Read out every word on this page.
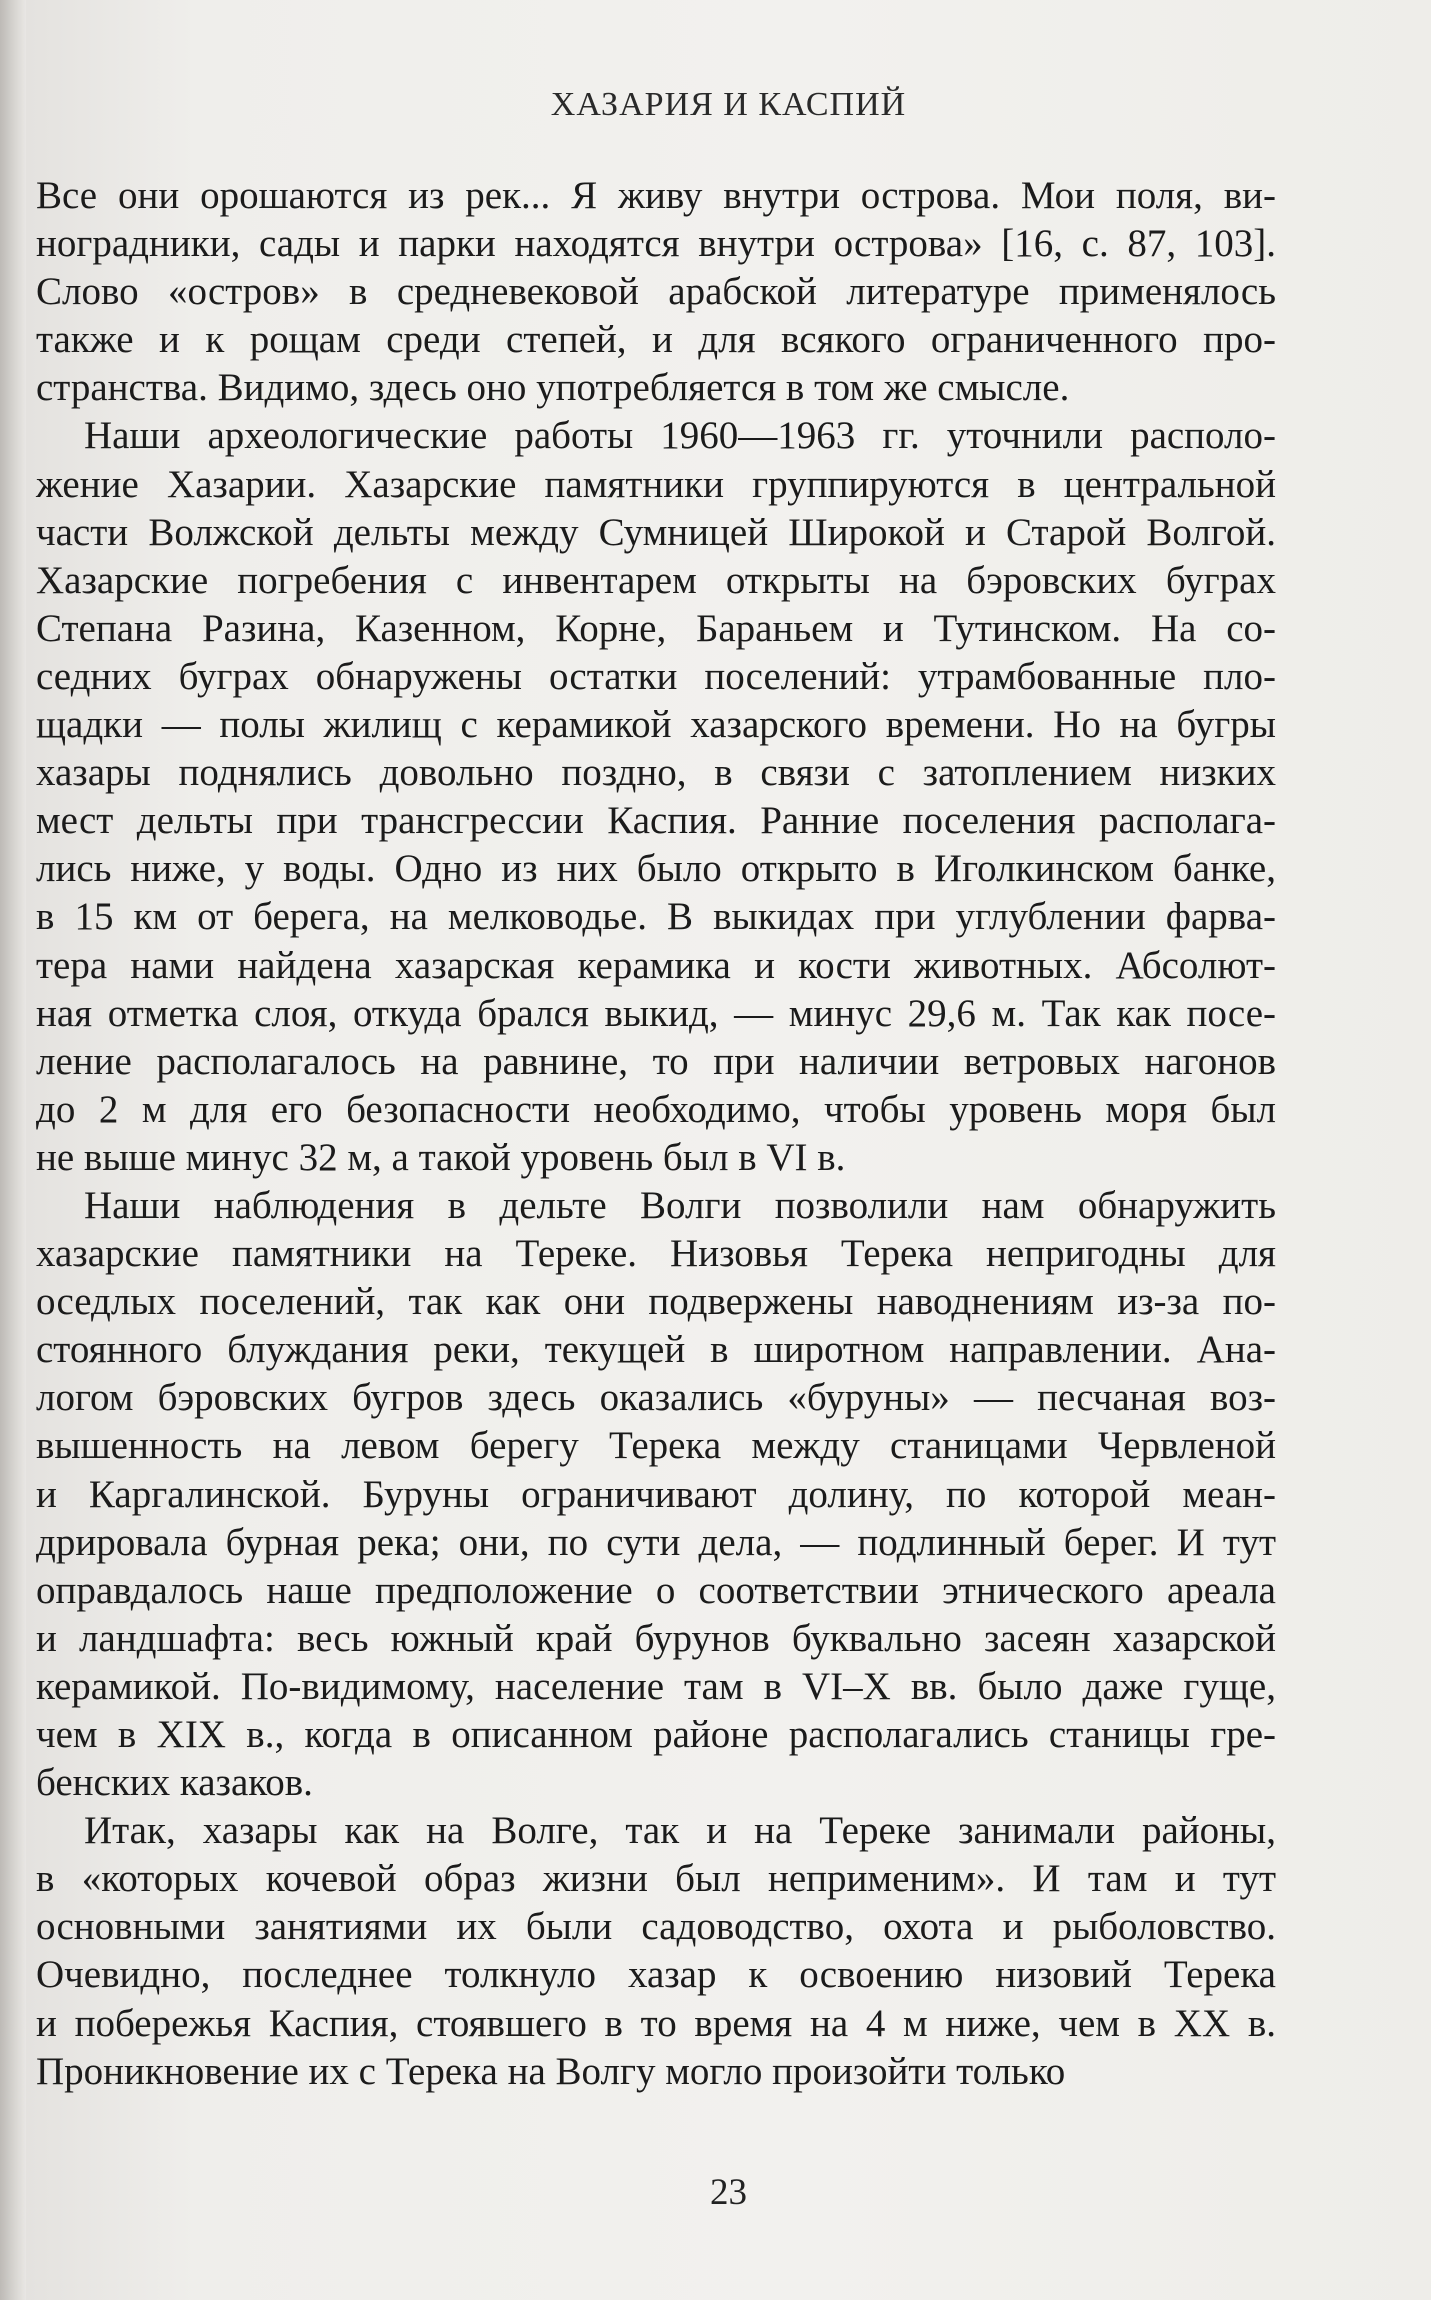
ХАЗАРИЯ И КАСПИЙ
Все они орошаются из рек... Я живу внутри острова. Мои поля, ви-
ноградники, сады и парки находятся внутри острова» [16, с. 87, 103].
Слово «остров» в средневековой арабской литературе применялось
также и к рощам среди степей, и для всякого ограниченного про-
странства. Видимо, здесь оно употребляется в том же смысле.
Наши археологические работы 1960—1963 гг. уточнили располо-
жение Хазарии. Хазарские памятники группируются в центральной
части Волжской дельты между Сумницей Широкой и Старой Волгой.
Хазарские погребения с инвентарем открыты на бэровских буграх
Степана Разина, Казенном, Корне, Бараньем и Тутинском. На со-
седних буграх обнаружены остатки поселений: утрамбованные пло-
щадки — полы жилищ с керамикой хазарского времени. Но на бугры
хазары поднялись довольно поздно, в связи с затоплением низких
мест дельты при трансгрессии Каспия. Ранние поселения располага-
лись ниже, у воды. Одно из них было открыто в Иголкинском банке,
в 15 км от берега, на мелководье. В выкидах при углублении фарва-
тера нами найдена хазарская керамика и кости животных. Абсолют-
ная отметка слоя, откуда брался выкид, — минус 29,6 м. Так как посе-
ление располагалось на равнине, то при наличии ветровых нагонов
до 2 м для его безопасности необходимо, чтобы уровень моря был
не выше минус 32 м, а такой уровень был в VI в.
Наши наблюдения в дельте Волги позволили нам обнаружить
хазарские памятники на Тереке. Низовья Терека непригодны для
оседлых поселений, так как они подвержены наводнениям из-за по-
стоянного блуждания реки, текущей в широтном направлении. Ана-
логом бэровских бугров здесь оказались «буруны» — песчаная воз-
вышенность на левом берегу Терека между станицами Червленой
и Каргалинской. Буруны ограничивают долину, по которой меан-
дрировала бурная река; они, по сути дела, — подлинный берег. И тут
оправдалось наше предположение о соответствии этнического ареала
и ландшафта: весь южный край бурунов буквально засеян хазарской
керамикой. По-видимому, население там в VI–X вв. было даже гуще,
чем в XIX в., когда в описанном районе располагались станицы гре-
бенских казаков.
Итак, хазары как на Волге, так и на Тереке занимали районы,
в «которых кочевой образ жизни был неприменим». И там и тут
основными занятиями их были садоводство, охота и рыболовство.
Очевидно, последнее толкнуло хазар к освоению низовий Терека
и побережья Каспия, стоявшего в то время на 4 м ниже, чем в XX в.
Проникновение их с Терека на Волгу могло произойти только
23
